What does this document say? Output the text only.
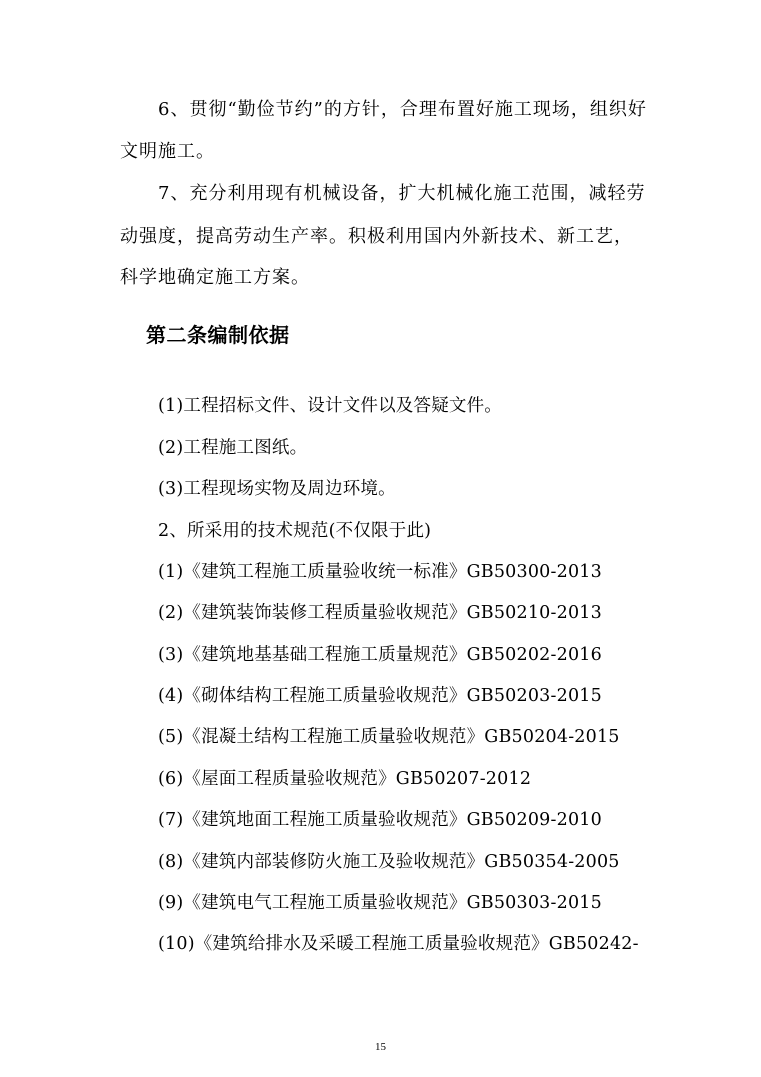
6、贯彻“勤俭节约”的方针，合理布置好施工现场，组织好
文明施工。
7、充分利用现有机械设备，扩大机械化施工范围，减轻劳
动强度，提高劳动生产率。积极利用国内外新技术、新工艺，
科学地确定施工方案。
第二条编制依据
(1)工程招标文件、设计文件以及答疑文件。
(2)工程施工图纸。
(3)工程现场实物及周边环境。
2、所采用的技术规范(不仅限于此)
(1)《建筑工程施工质量验收统一标准》GB50300-2013
(2)《建筑装饰装修工程质量验收规范》GB50210-2013
(3)《建筑地基基础工程施工质量规范》GB50202-2016
(4)《砌体结构工程施工质量验收规范》GB50203-2015
(5)《混凝土结构工程施工质量验收规范》GB50204-2015
(6)《屋面工程质量验收规范》GB50207-2012
(7)《建筑地面工程施工质量验收规范》GB50209-2010
(8)《建筑内部装修防火施工及验收规范》GB50354-2005
(9)《建筑电气工程施工质量验收规范》GB50303-2015
(10)《建筑给排水及采暖工程施工质量验收规范》GB50242-
15
